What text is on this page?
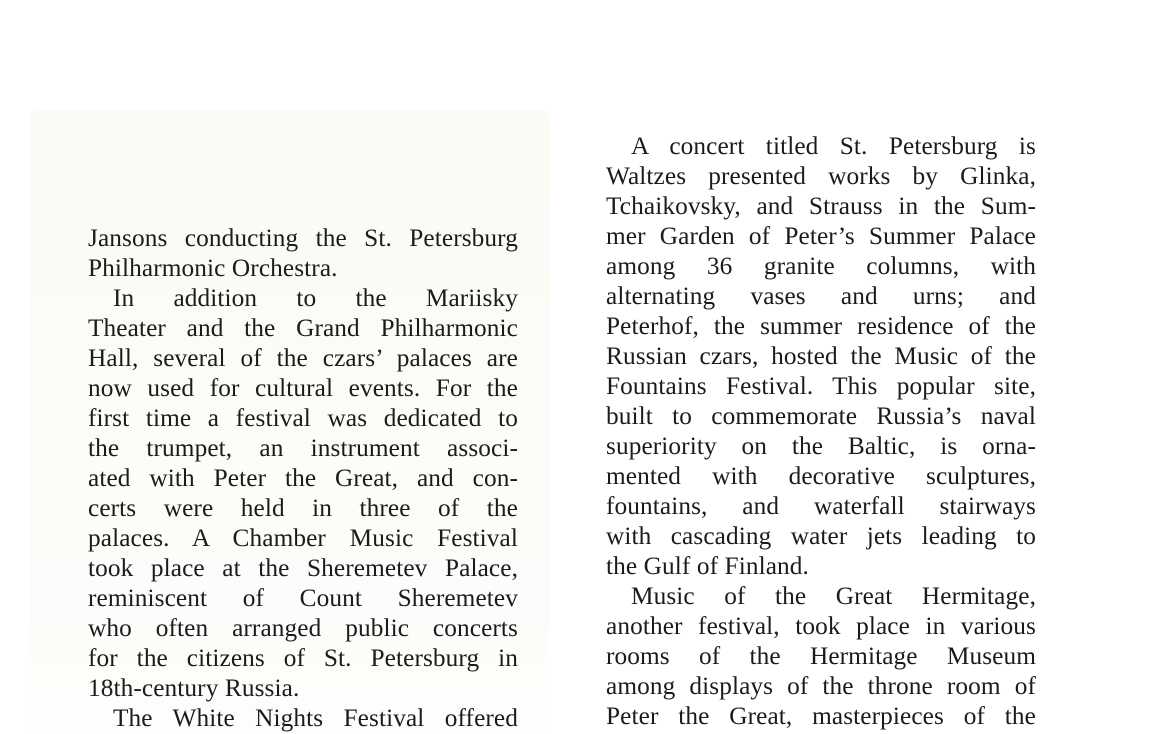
Jansons conducting the St. Petersburg
Philharmonic Orchestra.
In addition to the Mariisky
Theater and the Grand Philharmonic
Hall, several of the czars’ palaces are
now used for cultural events. For the
first time a festival was dedicated to
the trumpet, an instrument associ-
ated with Peter the Great, and con-
certs were held in three of the
palaces. A Chamber Music Festival
took place at the Sheremetev Palace,
reminiscent of Count Sheremetev
who often arranged public concerts
for the citizens of St. Petersburg in
18th-century Russia.
The White Nights Festival offered
A concert titled St. Petersburg is
Waltzes presented works by Glinka,
Tchaikovsky, and Strauss in the Sum-
mer Garden of Peter’s Summer Palace
among 36 granite columns, with
alternating vases and urns; and
Peterhof, the summer residence of the
Russian czars, hosted the Music of the
Fountains Festival. This popular site,
built to commemorate Russia’s naval
superiority on the Baltic, is orna-
mented with decorative sculptures,
fountains, and waterfall stairways
with cascading water jets leading to
the Gulf of Finland.
Music of the Great Hermitage,
another festival, took place in various
rooms of the Hermitage Museum
among displays of the throne room of
Peter the Great, masterpieces of the
